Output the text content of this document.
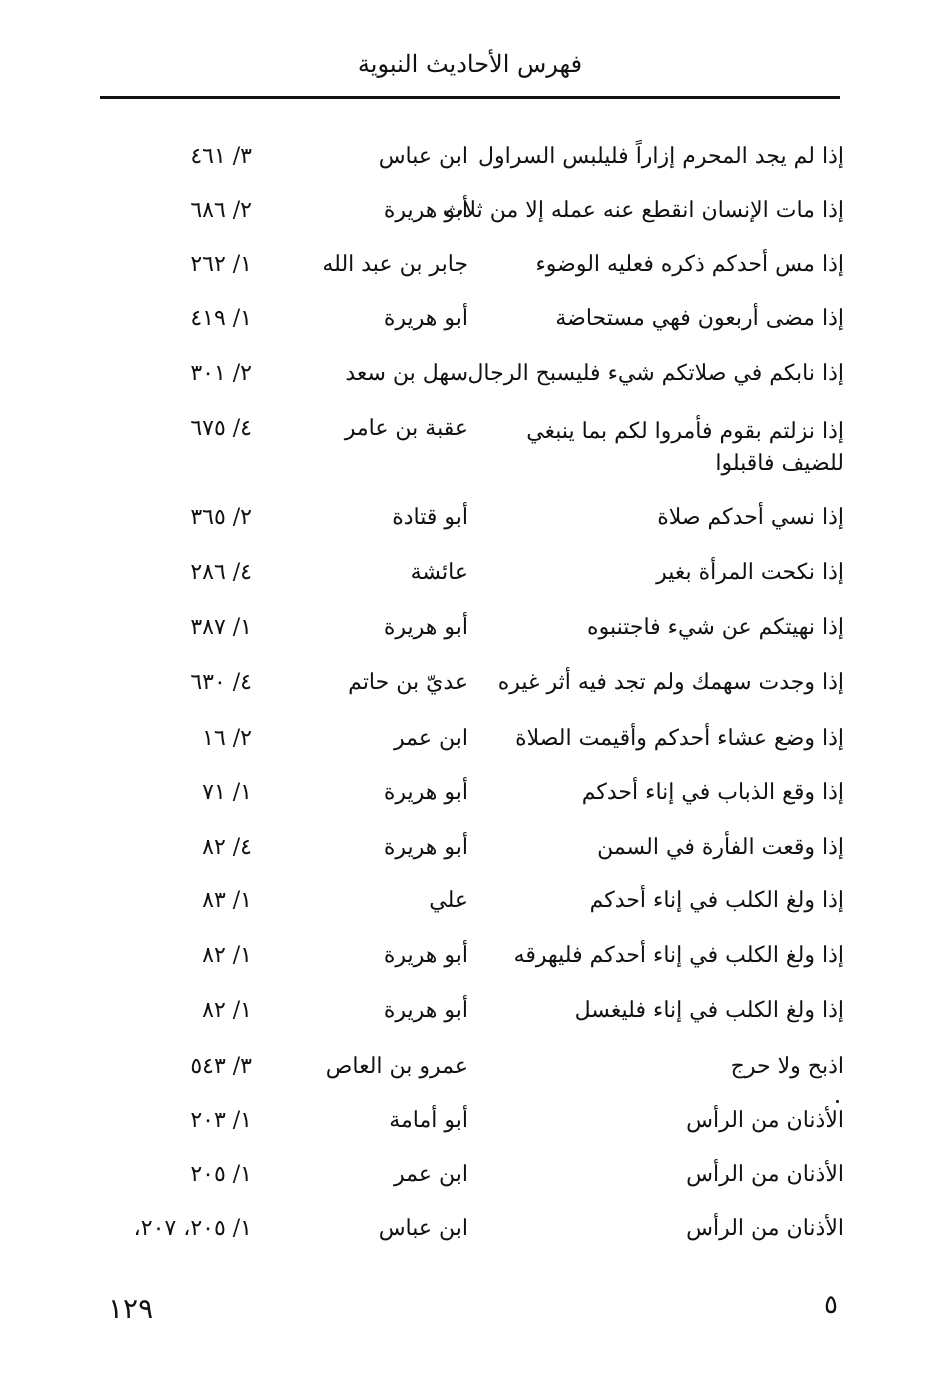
فهرس الأحاديث النبوية
إذا لم يجد المحرم إزاراً فليلبس السراول
ابن عباس
٣/ ٤٦١
إذا مات الإنسان انقطع عنه عمله إلا من ثلاث
أبو هريرة
٢/ ٦٨٦
إذا مس أحدكم ذكره فعليه الوضوء
جابر بن عبد الله
١/ ٢٦٢
إذا مضى أربعون فهي مستحاضة
أبو هريرة
١/ ٤١٩
إذا نابكم في صلاتكم شيء فليسبح الرجال
سهل بن سعد
٢/ ٣٠١
إذا نزلتم بقوم فأمروا لكم بما ينبغي للضيف فاقبلوا
عقبة بن عامر
٤/ ٦٧٥
إذا نسي أحدكم صلاة
أبو قتادة
٢/ ٣٦٥
إذا نكحت المرأة بغير
عائشة
٤/ ٢٨٦
إذا نهيتكم عن شيء فاجتنبوه
أبو هريرة
١/ ٣٨٧
إذا وجدت سهمك ولم تجد فيه أثر غيره
عديّ بن حاتم
٤/ ٦٣٠
إذا وضع عشاء أحدكم وأقيمت الصلاة
ابن عمر
٢/ ١٦
إذا وقع الذباب في إناء أحدكم
أبو هريرة
١/ ٧١
إذا وقعت الفأرة في السمن
أبو هريرة
٤/ ٨٢
إذا ولغ الكلب في إناء أحدكم
علي
١/ ٨٣
إذا ولغ الكلب في إناء أحدكم فليهرقه
أبو هريرة
١/ ٨٢
إذا ولغ الكلب في إناء فليغسل
أبو هريرة
١/ ٨٢
اذبح ولا حرج
عمرو بن العاص
٣/ ٥٤٣
الأذنان من الرأس
أبو أمامة
١/ ٢٠٣
الأذنان من الرأس
ابن عمر
١/ ٢٠٥
الأذنان من الرأس
ابن عباس
١/ ٢٠٥، ٢٠٧،
١٢٩	٥
